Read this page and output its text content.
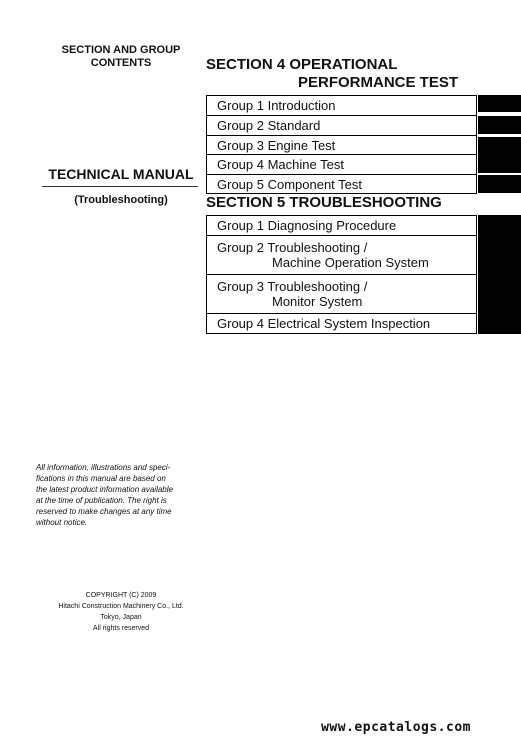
SECTION AND GROUP
CONTENTS
TECHNICAL MANUAL
(Troubleshooting)
All information, illustrations and speci-
fications in this manual are based on
the latest product information available
at the time of publication. The right is
reserved to make changes at any time
without notice.
COPYRIGHT (C) 2009
Hitachi Construction Machinery Co., Ltd.
Tokyo, Japan
All rights reserved
SECTION 4 OPERATIONAL
PERFORMANCE TEST
Group 1 Introduction
Group 2 Standard
Group 3 Engine Test
Group 4 Machine Test
Group 5 Component Test
SECTION 5 TROUBLESHOOTING
Group 1 Diagnosing Procedure
Group 2 Troubleshooting /
Machine Operation System
Group 3 Troubleshooting /
Monitor System
Group 4 Electrical System Inspection
www.epcatalogs.com
